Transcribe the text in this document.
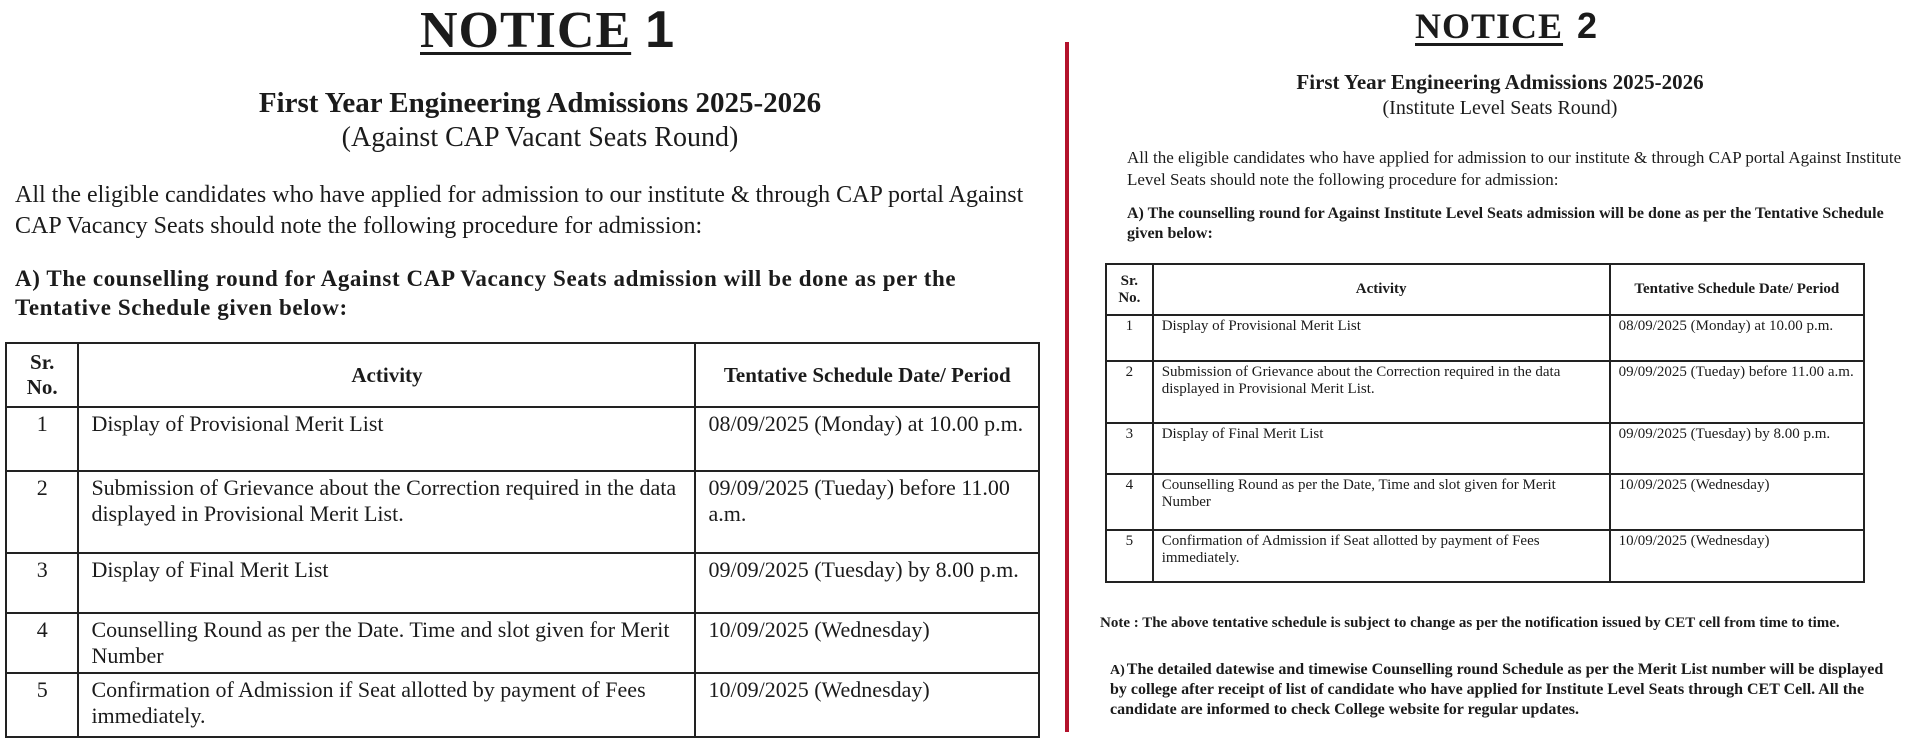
NOTICE 1
First Year Engineering Admissions 2025-2026
(Against CAP Vacant Seats Round)

All the eligible candidates who have applied for admission to our institute & through CAP portal Against CAP Vacancy Seats should note the following procedure for admission:

A) The counselling round for Against CAP Vacancy Seats admission will be done as per the Tentative Schedule given below:

Sr. No.	Activity	Tentative Schedule Date/ Period
1	Display of Provisional Merit List	08/09/2025 (Monday) at 10.00 p.m.
2	Submission of Grievance about the Correction required in the data displayed in Provisional Merit List.	09/09/2025 (Tueday) before 11.00 a.m.
3	Display of Final Merit List	09/09/2025 (Tuesday) by 8.00 p.m.
4	Counselling Round as per the Date. Time and slot given for Merit Number	10/09/2025 (Wednesday)
5	Confirmation of Admission if Seat allotted by payment of Fees immediately.	10/09/2025 (Wednesday)
NOTICE 2
First Year Engineering Admissions 2025-2026
(Institute Level Seats Round)

All the eligible candidates who have applied for admission to our institute & through CAP portal Against Institute Level Seats should note the following procedure for admission:

A) The counselling round for Against Institute Level Seats admission will be done as per the Tentative Schedule given below:

Sr. No.	Activity	Tentative Schedule Date/ Period
1	Display of Provisional Merit List	08/09/2025 (Monday) at 10.00 p.m.
2	Submission of Grievance about the Correction required in the data displayed in Provisional Merit List.	09/09/2025 (Tueday) before 11.00 a.m.
3	Display of Final Merit List	09/09/2025 (Tuesday) by 8.00 p.m.
4	Counselling Round as per the Date, Time and slot given for Merit Number	10/09/2025 (Wednesday)
5	Confirmation of Admission if Seat allotted by payment of Fees immediately.	10/09/2025 (Wednesday)

Note : The above tentative schedule is subject to change as per the notification issued by CET cell from time to time.

A) The detailed datewise and timewise Counselling round Schedule as per the Merit List number will be displayed by college after receipt of list of candidate who have applied for Institute Level Seats through CET Cell. All the candidate are informed to check College website for regular updates.
